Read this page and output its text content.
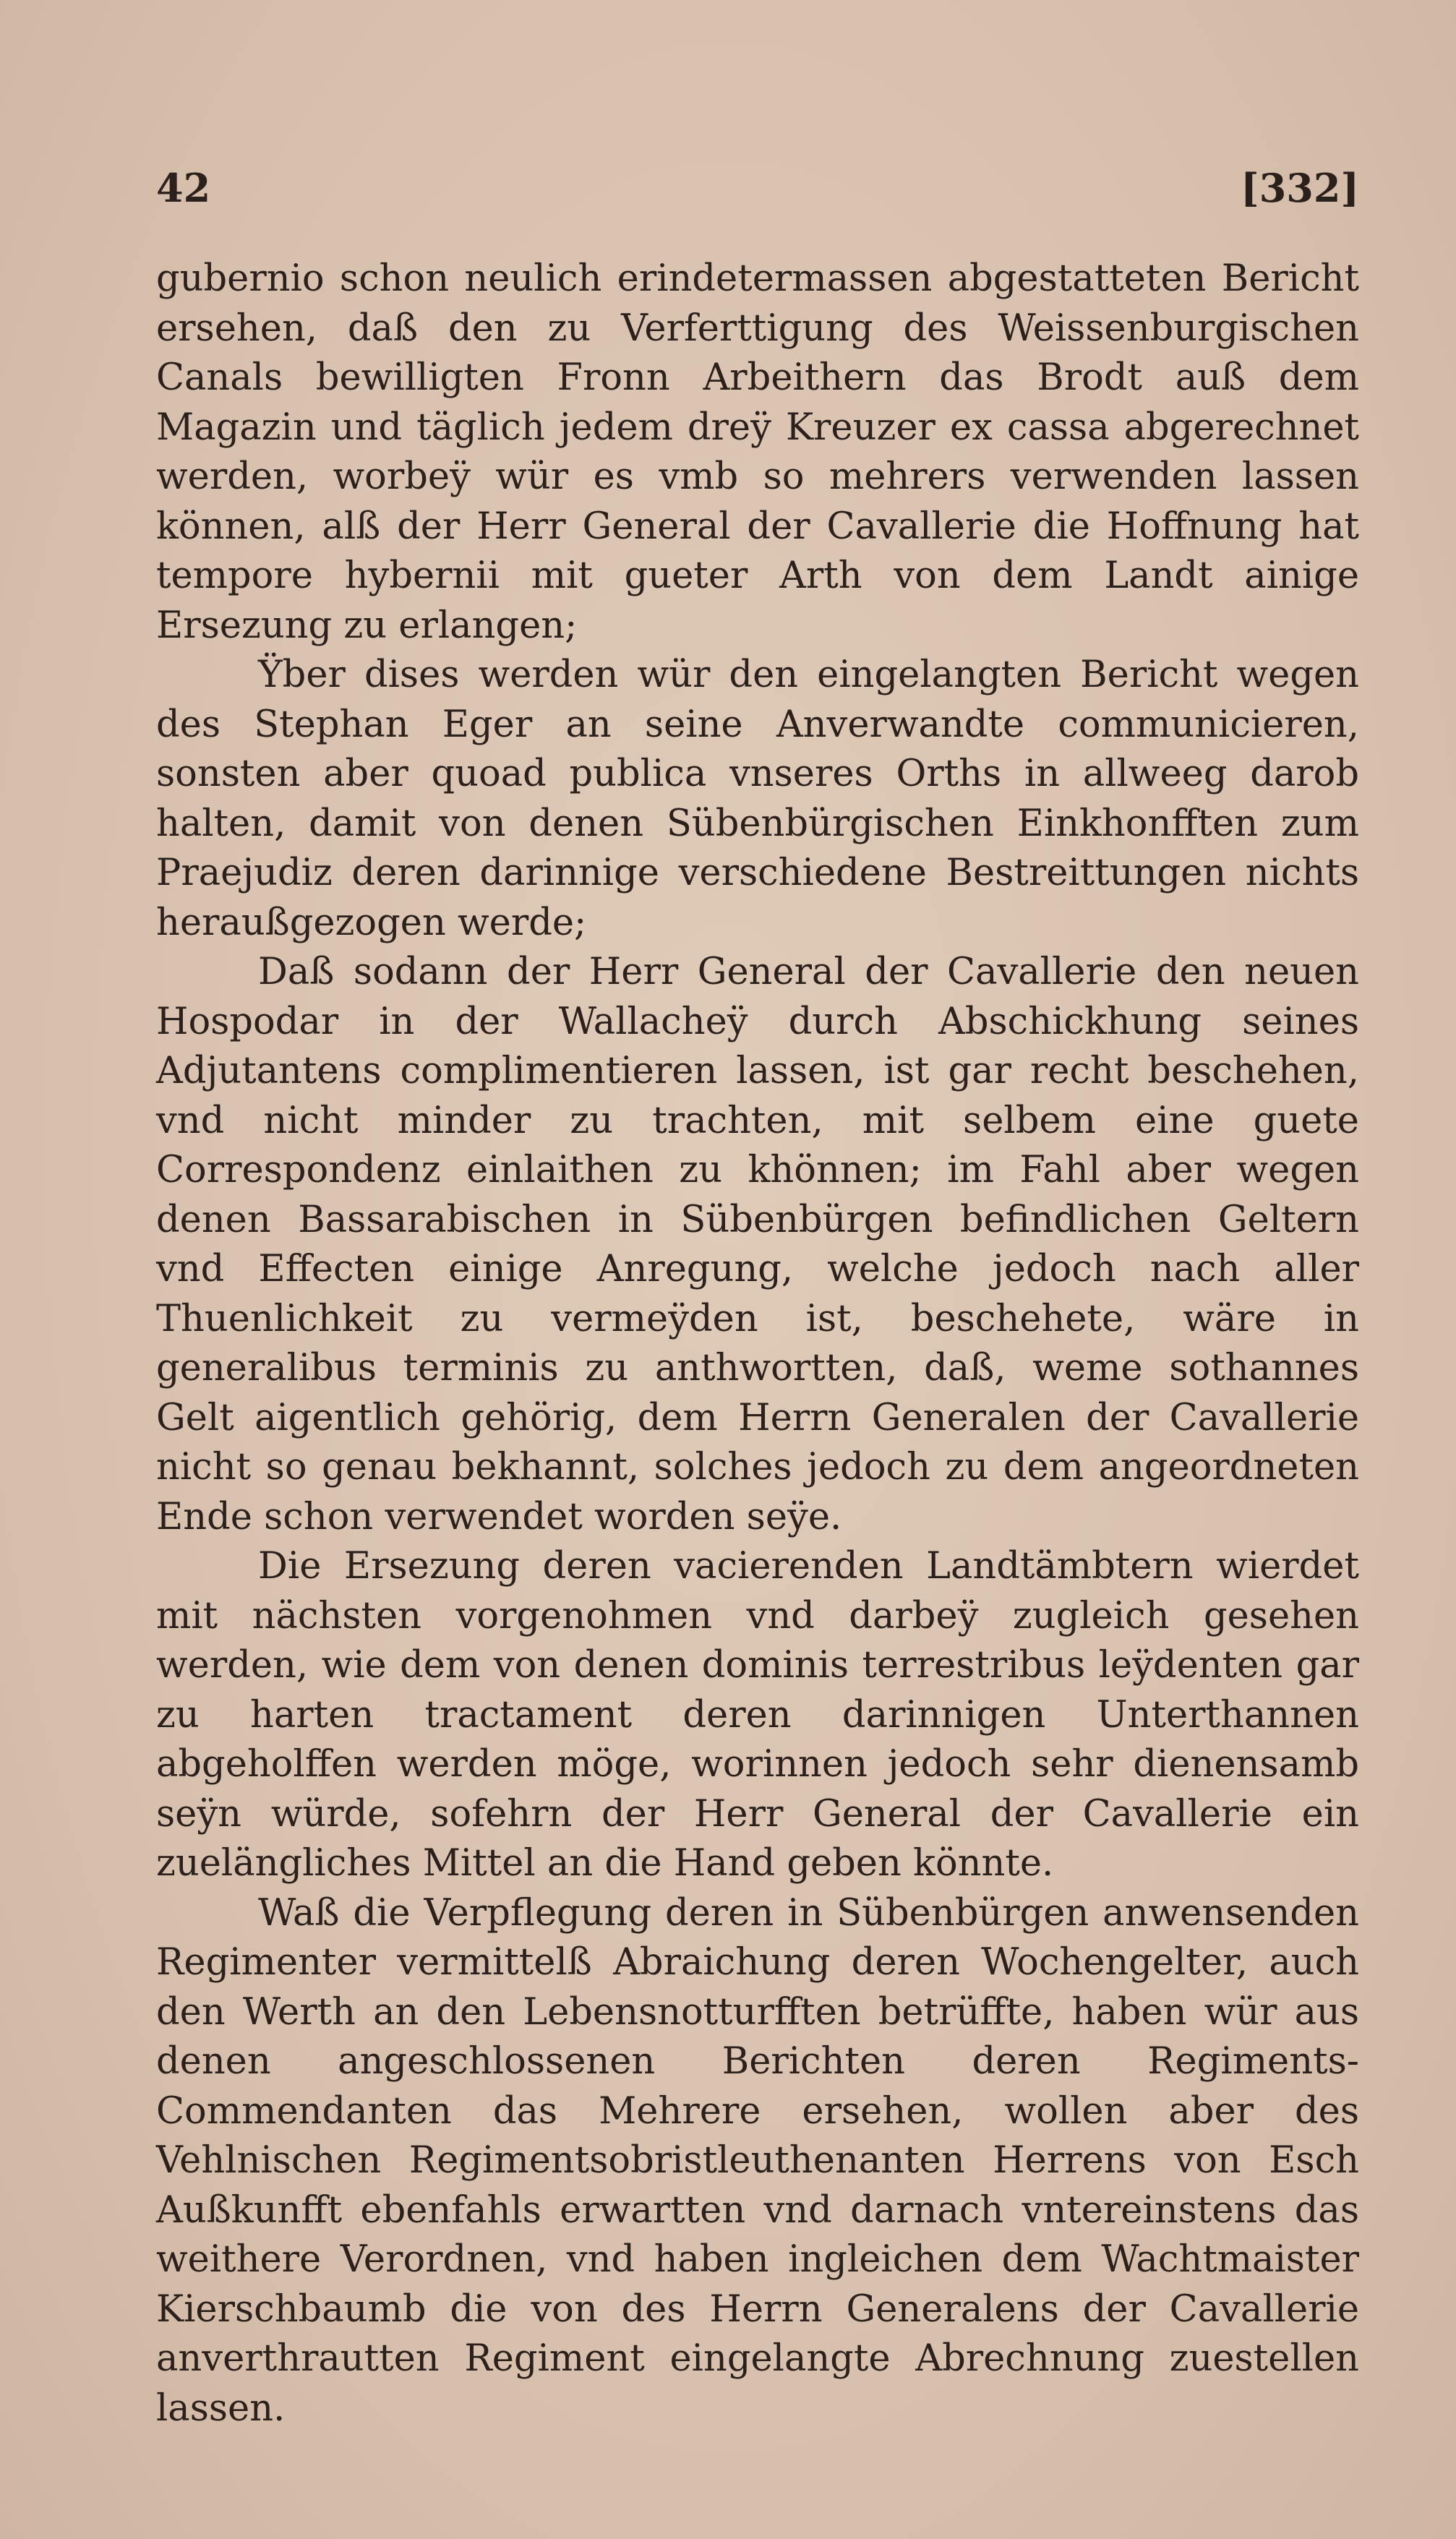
42	[332]

gubernio schon neulich erindetermassen abgestatteten Bericht ersehen, daß den zu Verferttigung des Weissenburgischen Canals bewilligten Fronn Arbeithern das Brodt auß dem Magazin und täglich jedem dreÿ Kreuzer ex cassa abgerechnet werden, worbeÿ wür es vmb so mehrers verwenden lassen können, alß der Herr General der Cavallerie die Hoffnung hat tempore hybernii mit gueter Arth von dem Landt ainige Ersezung zu erlangen;

Ÿber dises werden wür den eingelangten Bericht wegen des Stephan Eger an seine Anverwandte communicieren, sonsten aber quoad publica vnseres Orths in allweeg darob halten, damit von denen Sübenbürgischen Einkhonfften zum Praejudiz deren darinnige verschiedene Bestreittungen nichts heraußgezogen werde;

Daß sodann der Herr General der Cavallerie den neuen Hospodar in der Wallacheÿ durch Abschickhung seines Adjutantens complimentieren lassen, ist gar recht beschehen, vnd nicht minder zu trachten, mit selbem eine guete Correspondenz einlaithen zu khönnen; im Fahl aber wegen denen Bassarabischen in Sübenbürgen befindlichen Geltern vnd Effecten einige Anregung, welche jedoch nach aller Thuenlichkeit zu vermeÿden ist, beschehete, wäre in generalibus terminis zu anthwortten, daß, weme sothannes Gelt aigentlich gehörig, dem Herrn Generalen der Cavallerie nicht so genau bekhannt, solches jedoch zu dem angeordneten Ende schon verwendet worden seÿe.

Die Ersezung deren vacierenden Landtämbtern wierdet mit nächsten vorgenohmen vnd darbeÿ zugleich gesehen werden, wie dem von denen dominis terrestribus leÿdenten gar zu harten tractament deren darinnigen Unterthannen abgeholffen werden möge, worinnen jedoch sehr dienensamb seÿn würde, sofehrn der Herr General der Cavallerie ein zuelängliches Mittel an die Hand geben könnte.

Waß die Verpflegung deren in Sübenbürgen anwensenden Regimenter vermittelß Abraichung deren Wochengelter, auch den Werth an den Lebensnotturfften betrüffte, haben wür aus denen angeschlossenen Berichten deren Regiments-Commendanten das Mehrere ersehen, wollen aber des Vehlnischen Regimentsobristleuthenanten Herrens von Esch Außkunfft ebenfahls erwartten vnd darnach vntereinstens das weithere Verordnen, vnd haben ingleichen dem Wachtmaister Kierschbaumb die von des Herrn Generalens der Cavallerie anverthrautten Regiment eingelangte Abrechnung zuestellen lassen.
